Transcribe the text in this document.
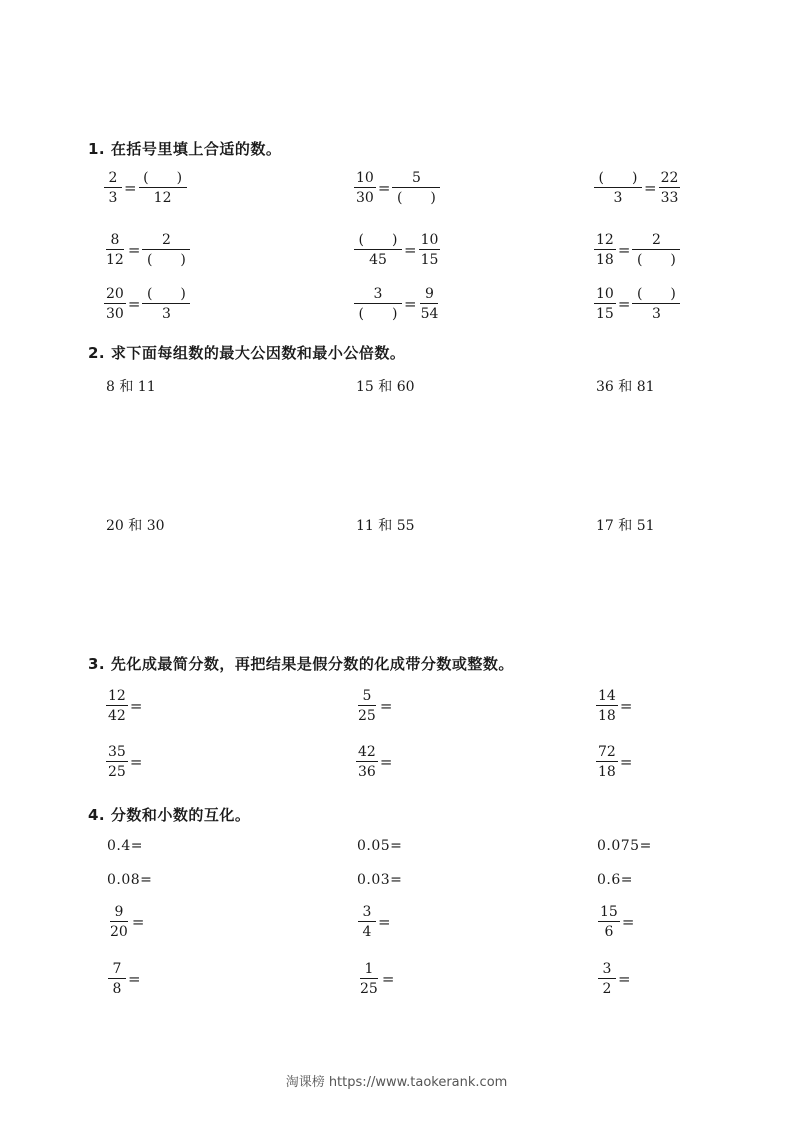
1. 在括号里填上合适的数。
$\frac{2}{3} = \frac{( )}{12}$	$\frac{10}{30} = \frac{5}{( )}$	$\frac{( )}{3} = \frac{22}{33}$
$\frac{8}{12} = \frac{2}{( )}$	$\frac{( )}{45} = \frac{10}{15}$	$\frac{12}{18} = \frac{2}{( )}$
$\frac{20}{30} = \frac{( )}{3}$	$\frac{3}{( )} = \frac{9}{54}$	$\frac{10}{15} = \frac{( )}{3}$
2. 求下面每组数的最大公因数和最小公倍数。
8 和 11	15 和 60	36 和 81
20 和 30	11 和 55	17 和 51
3. 先化成最简分数，再把结果是假分数的化成带分数或整数。
$\frac{12}{42}$ =	$\frac{5}{25}$ =	$\frac{14}{18}$ =
$\frac{35}{25}$ =	$\frac{42}{36}$ =	$\frac{72}{18}$ =
4. 分数和小数的互化。
0.4=	0.05=	0.075=
0.08=	0.03=	0.6=
$\frac{9}{20}$ =	$\frac{3}{4}$ =	$\frac{15}{6}$ =
$\frac{7}{8}$ =	$\frac{1}{25}$ =	$\frac{3}{2}$ =
淘课榜 https://www.taokerank.com
